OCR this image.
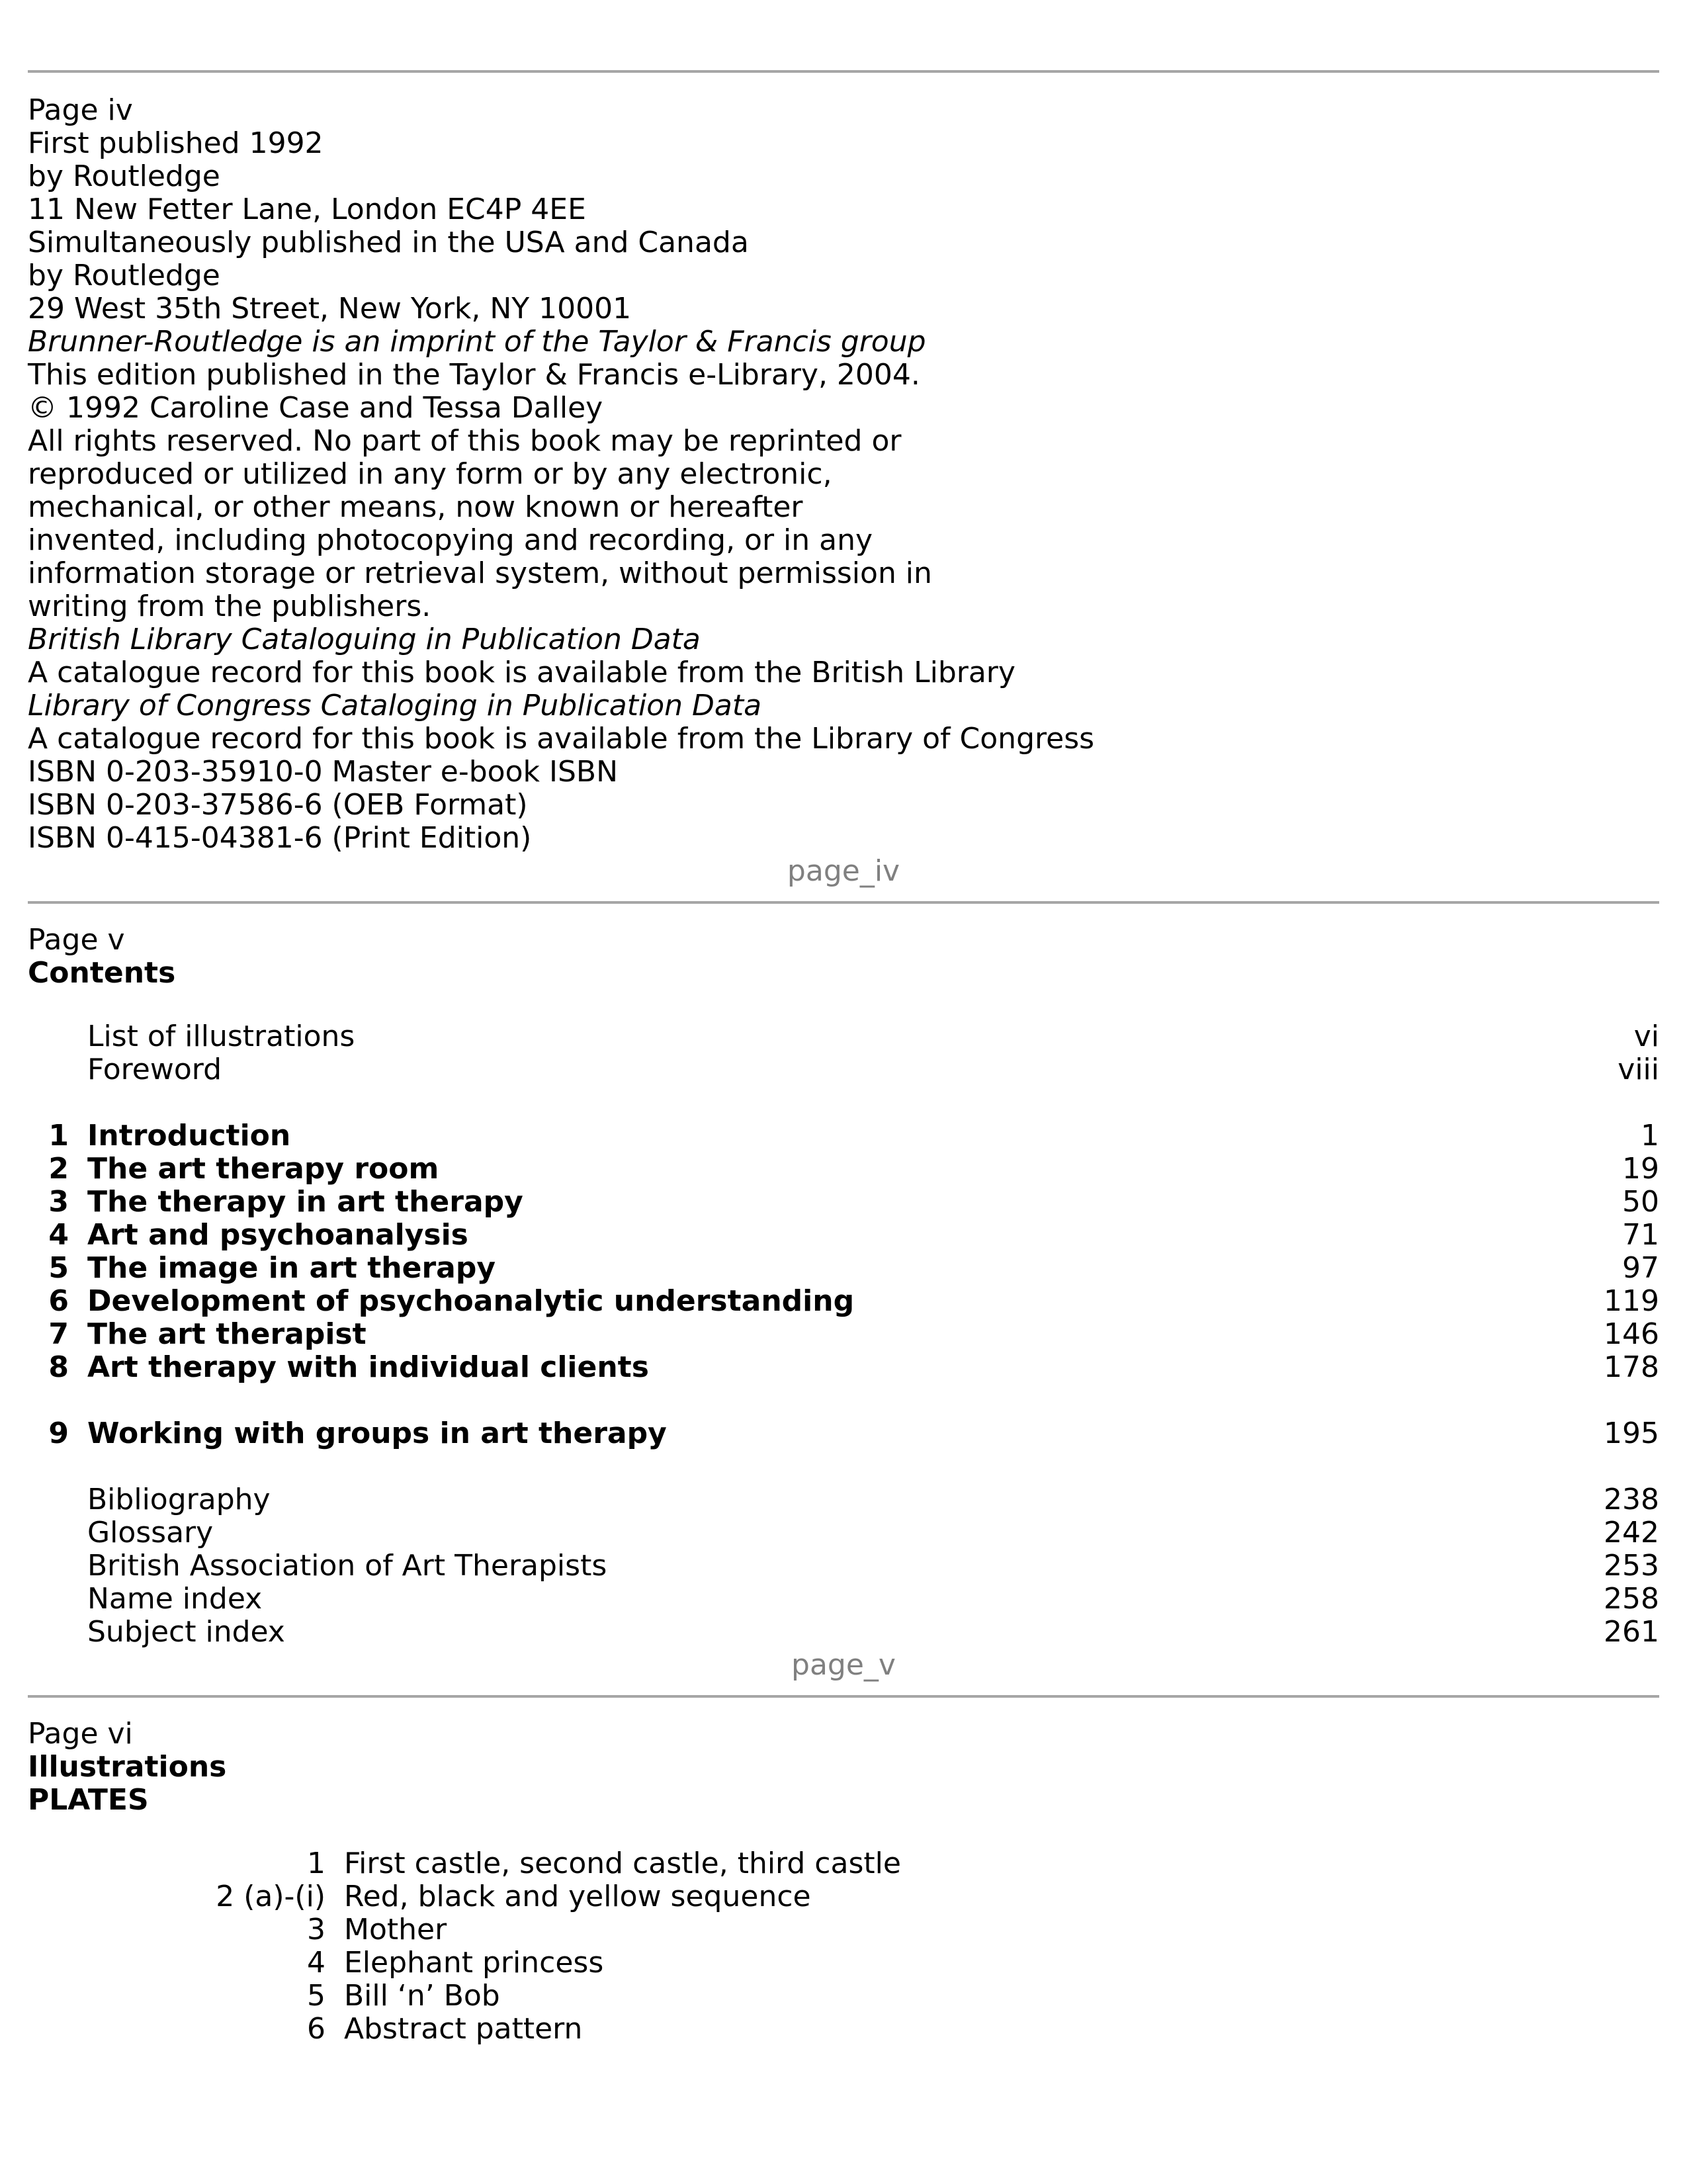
Page iv
First published 1992
by Routledge
11 New Fetter Lane, London EC4P 4EE
Simultaneously published in the USA and Canada
by Routledge
29 West 35th Street, New York, NY 10001
Brunner-Routledge is an imprint of the Taylor & Francis group
This edition published in the Taylor & Francis e-Library, 2004.
© 1992 Caroline Case and Tessa Dalley
All rights reserved. No part of this book may be reprinted or
reproduced or utilized in any form or by any electronic,
mechanical, or other means, now known or hereafter
invented, including photocopying and recording, or in any
information storage or retrieval system, without permission in
writing from the publishers.
British Library Cataloguing in Publication Data
A catalogue record for this book is available from the British Library
Library of Congress Cataloging in Publication Data
A catalogue record for this book is available from the Library of Congress
ISBN 0-203-35910-0 Master e-book ISBN
ISBN 0-203-37586-6 (OEB Format)
ISBN 0-415-04381-6 (Print Edition)
page_iv
Page v
Contents
	List of illustrations	vi
	Foreword	viii

1	Introduction	1
2	The art therapy room	19
3	The therapy in art therapy	50
4	Art and psychoanalysis	71
5	The image in art therapy	97
6	Development of psychoanalytic understanding	119
7	The art therapist	146
8	Art therapy with individual clients	178

9	Working with groups in art therapy	195

	Bibliography	238
	Glossary	242
	British Association of Art Therapists	253
	Name index	258
	Subject index	261
page_v
Page vi
Illustrations
PLATES
1	First castle, second castle, third castle
2 (a)-(i)	Red, black and yellow sequence
3	Mother
4	Elephant princess
5	Bill ‘n’ Bob
6	Abstract pattern
